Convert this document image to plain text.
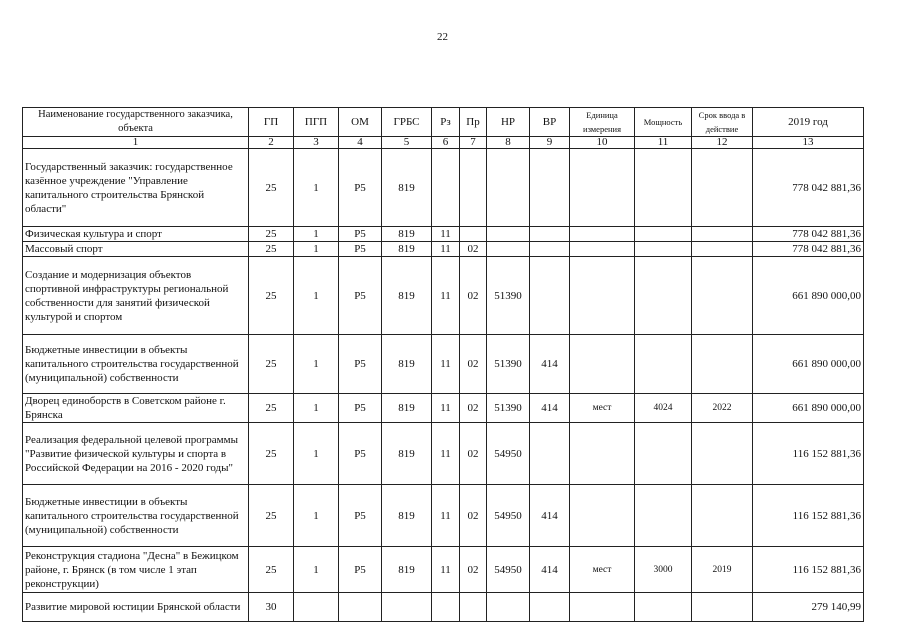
22
Наименование государственного заказчика, объекта	ГП	ПГП	ОМ	ГРБС	Рз	Пр	НР	ВР	Единица измерения	Мощность	Срок ввода в действие	2019 год
1	2	3	4	5	6	7	8	9	10	11	12	13
Государственный заказчик: государственное казённое учреждение "Управление капитального строительства Брянской области"	25	1	Р5	819								778 042 881,36
Физическая культура и спорт	25	1	Р5	819	11							778 042 881,36
Массовый спорт	25	1	Р5	819	11	02						778 042 881,36
Создание и модернизация объектов спортивной инфраструктуры региональной собственности для занятий физической культурой и спортом	25	1	Р5	819	11	02	51390					661 890 000,00
Бюджетные инвестиции в объекты капитального строительства государственной (муниципальной) собственности	25	1	Р5	819	11	02	51390	414				661 890 000,00
Дворец единоборств в Советском районе г. Брянска	25	1	Р5	819	11	02	51390	414	мест	4024	2022	661 890 000,00
Реализация федеральной целевой программы "Развитие физической культуры и спорта в Российской Федерации на 2016 - 2020 годы"	25	1	Р5	819	11	02	54950					116 152 881,36
Бюджетные инвестиции в объекты капитального строительства государственной (муниципальной) собственности	25	1	Р5	819	11	02	54950	414				116 152 881,36
Реконструкция стадиона "Десна" в Бежицком районе, г. Брянск (в том числе 1 этап реконструкции)	25	1	Р5	819	11	02	54950	414	мест	3000	2019	116 152 881,36
Развитие мировой юстиции Брянской области	30											279 140,99
